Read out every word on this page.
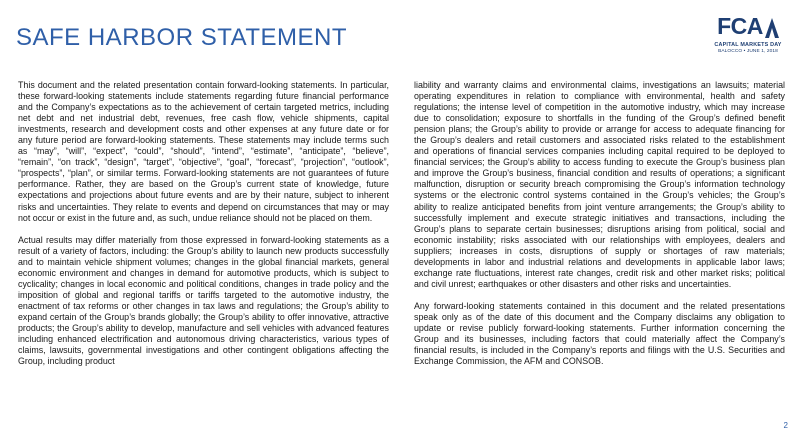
SAFE HARBOR STATEMENT	FCA
CAPITAL MARKETS DAY
BALOCCO • JUNE 1, 2018

This document and the related presentation contain forward-looking statements. In particular, these forward-looking statements include statements regarding future financial performance and the Company’s expectations as to the achievement of certain targeted metrics, including net debt and net industrial debt, revenues, free cash flow, vehicle shipments, capital investments, research and development costs and other expenses at any future date or for any future period are forward-looking statements. These statements may include terms such as “may”, “will”, “expect”, “could”, “should”, “intend”, “estimate”, “anticipate”, “believe”, “remain”, “on track”, “design”, “target”, “objective”, “goal”, “forecast”, “projection”, “outlook”, “prospects”, “plan”, or similar terms. Forward-looking statements are not guarantees of future performance. Rather, they are based on the Group’s current state of knowledge, future expectations and projections about future events and are by their nature, subject to inherent risks and uncertainties. They relate to events and depend on circumstances that may or may not occur or exist in the future and, as such, undue reliance should not be placed on them.

Actual results may differ materially from those expressed in forward-looking statements as a result of a variety of factors, including: the Group’s ability to launch new products successfully and to maintain vehicle shipment volumes; changes in the global financial markets, general economic environment and changes in demand for automotive products, which is subject to cyclicality; changes in local economic and political conditions, changes in trade policy and the imposition of global and regional tariffs or tariffs targeted to the automotive industry, the enactment of tax reforms or other changes in tax laws and regulations; the Group’s ability to expand certain of the Group’s brands globally; the Group’s ability to offer innovative, attractive products; the Group’s ability to develop, manufacture and sell vehicles with advanced features including enhanced electrification and autonomous driving characteristics, various types of claims, lawsuits, governmental investigations and other contingent obligations affecting the Group, including product

liability and warranty claims and environmental claims, investigations an lawsuits; material operating expenditures in relation to compliance with environmental, health and safety regulations; the intense level of competition in the automotive industry, which may increase due to consolidation; exposure to shortfalls in the funding of the Group’s defined benefit pension plans; the Group’s ability to provide or arrange for access to adequate financing for the Group’s dealers and retail customers and associated risks related to the establishment and operations of financial services companies including capital required to be deployed to financial services; the Group’s ability to access funding to execute the Group’s business plan and improve the Group’s business, financial condition and results of operations; a significant malfunction, disruption or security breach compromising the Group’s information technology systems or the electronic control systems contained in the Group’s vehicles; the Group’s ability to realize anticipated benefits from joint venture arrangements; the Group’s ability to successfully implement and execute strategic initiatives and transactions, including the Group’s plans to separate certain businesses; disruptions arising from political, social and economic instability; risks associated with our relationships with employees, dealers and suppliers; increases in costs, disruptions of supply or shortages of raw materials; developments in labor and industrial relations and developments in applicable labor laws; exchange rate fluctuations, interest rate changes, credit risk and other market risks; political and civil unrest; earthquakes or other disasters and other risks and uncertainties.

Any forward-looking statements contained in this document and the related presentations speak only as of the date of this document and the Company disclaims any obligation to update or revise publicly forward-looking statements. Further information concerning the Group and its businesses, including factors that could materially affect the Company’s financial results, is included in the Company’s reports and filings with the U.S. Securities and Exchange Commission, the AFM and CONSOB.

2
